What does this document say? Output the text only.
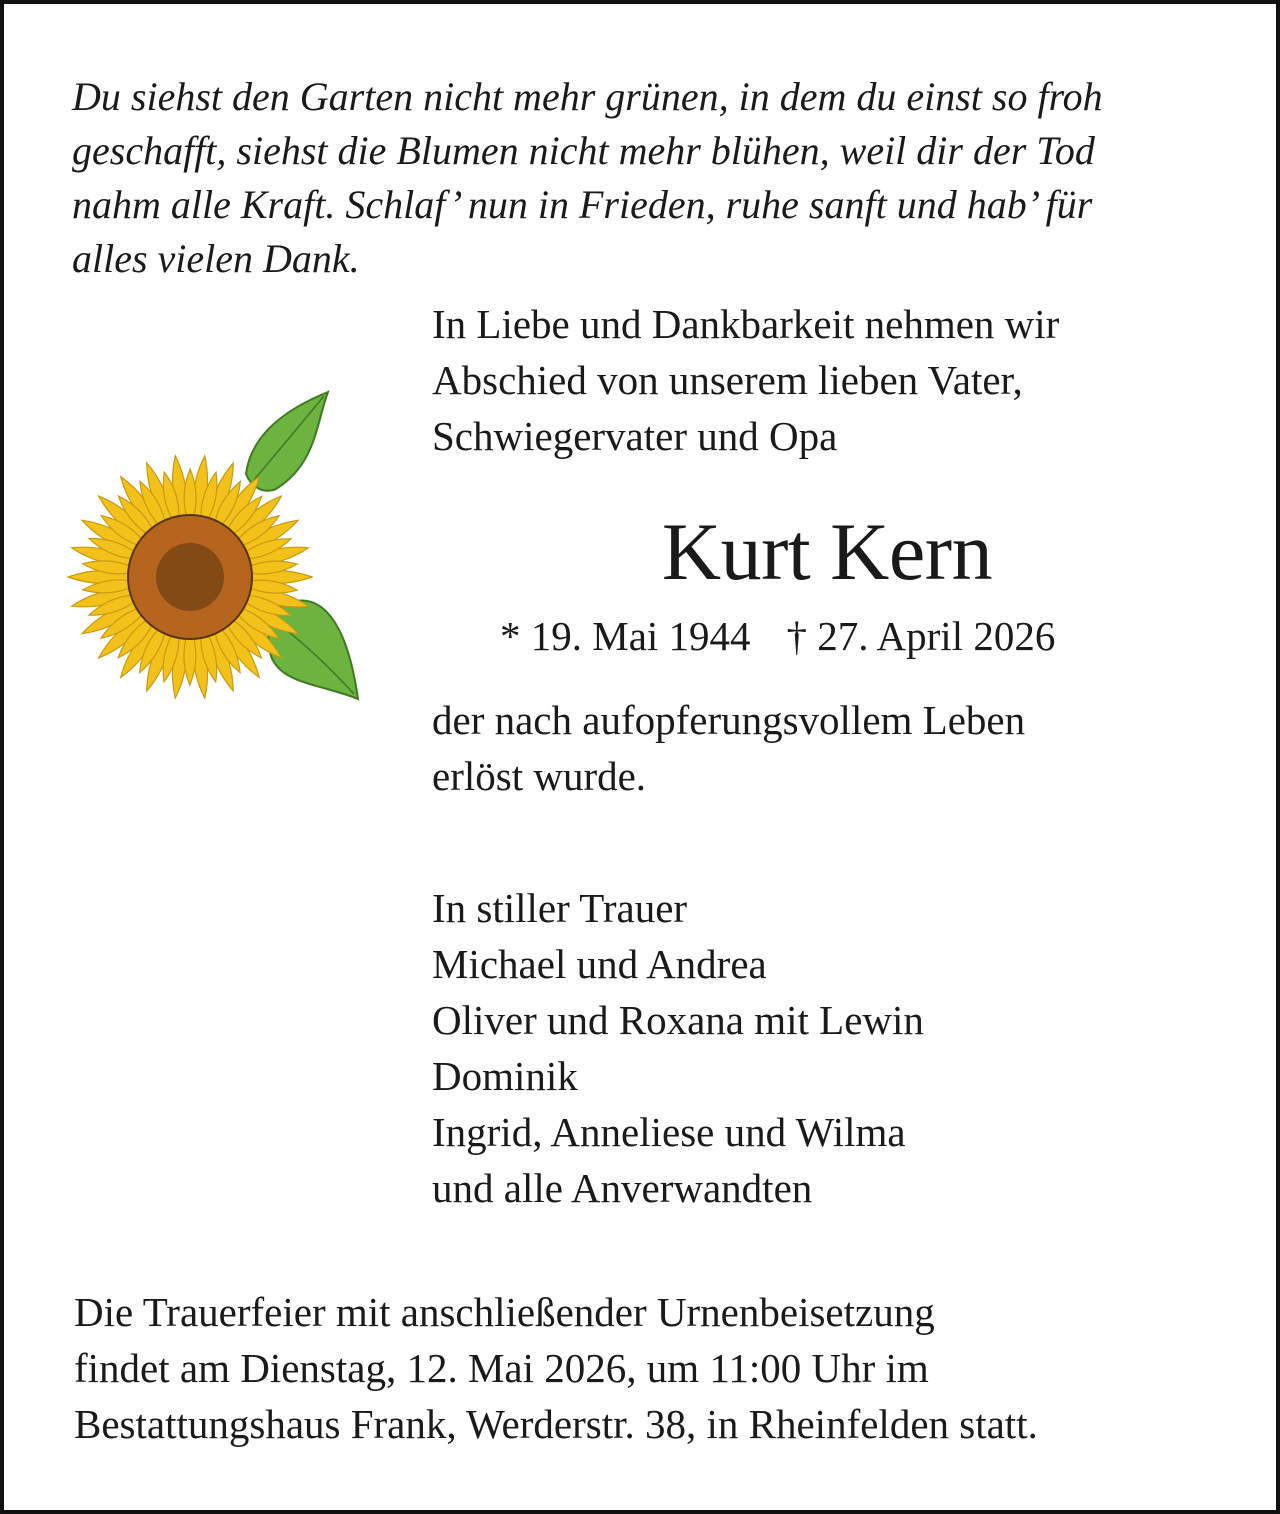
Du siehst den Garten nicht mehr grünen, in dem du einst so froh
geschafft, siehst die Blumen nicht mehr blühen, weil dir der Tod
nahm alle Kraft. Schlaf’ nun in Frieden, ruhe sanft und hab’ für
alles vielen Dank.
In Liebe und Dankbarkeit nehmen wir
Abschied von unserem lieben Vater,
Schwiegervater und Opa
Kurt Kern
* 19. Mai 1944 † 27. April 2026
der nach aufopferungsvollem Leben
erlöst wurde.
In stiller Trauer
Michael und Andrea
Oliver und Roxana mit Lewin
Dominik
Ingrid, Anneliese und Wilma
und alle Anverwandten
Die Trauerfeier mit anschließender Urnenbeisetzung
findet am Dienstag, 12. Mai 2026, um 11:00 Uhr im
Bestattungshaus Frank, Werderstr. 38, in Rheinfelden statt.
